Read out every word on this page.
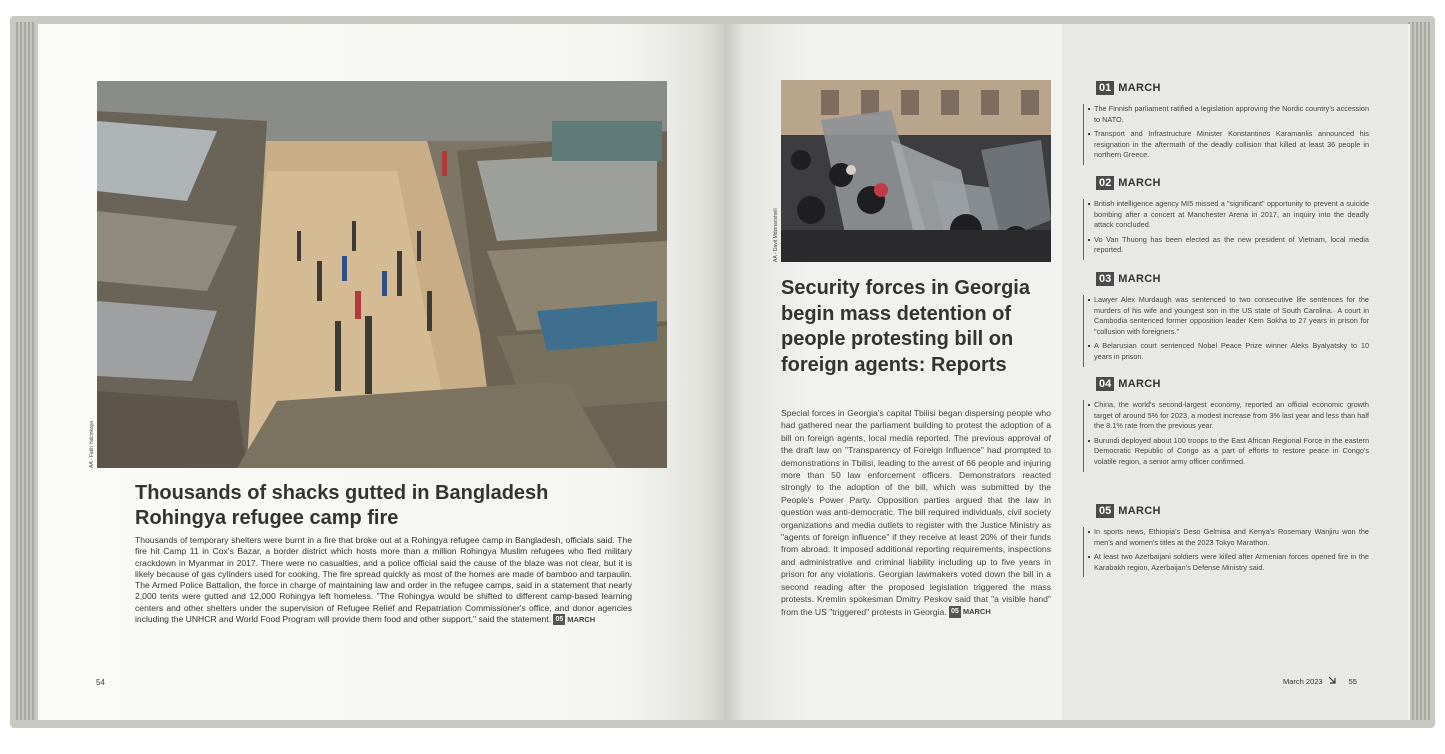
AA - Fatih Yalcinkaya
Thousands of shacks gutted in Bangladesh Rohingya refugee camp fire

Thousands of temporary shelters were burnt in a fire that broke out at a Rohingya refugee camp in Bangladesh, officials said. The fire hit Camp 11 in Cox's Bazar, a border district which hosts more than a million Rohingya Muslim refugees who fled military crackdown in Myanmar in 2017. There were no casualties, and a police official said the cause of the blaze was not clear, but it is likely because of gas cylinders used for cooking. The fire spread quickly as most of the homes are made of bamboo and tarpaulin. The Armed Police Battalion, the force in charge of maintaining law and order in the refugee camps, said in a statement that nearly 2,000 tents were gutted and 12,000 Rohingya left homeless. "The Rohingya would be shifted to different camp-based learning centers and other shelters under the supervision of Refugee Relief and Repatriation Commissioner's office, and donor agencies including the UNHCR and World Food Program will provide them food and other support," said the statement. 05 MARCH

54
AA - Davit Mdzinarishvili
Security forces in Georgia begin mass detention of people protesting bill on foreign agents: Reports

Special forces in Georgia's capital Tbilisi began dispersing people who had gathered near the parliament building to protest the adoption of a bill on foreign agents, local media reported. The previous approval of the draft law on "Transparency of Foreign Influence" had prompted to demonstrations in Tbilisi, leading to the arrest of 66 people and injuring more than 50 law enforcement officers. Demonstrators reacted strongly to the adoption of the bill, which was submitted by the People's Power Party. Opposition parties argued that the law in question was anti-democratic. The bill required individuals, civil society organizations and media outlets to register with the Justice Ministry as "agents of foreign influence" if they receive at least 20% of their funds from abroad. It imposed additional reporting requirements, inspections and administrative and criminal liability including up to five years in prison for any violations. Georgian lawmakers voted down the bill in a second reading after the proposed legislation triggered the mass protests. Kremlin spokesman Dmitry Peskov said that "a visible hand" from the US "triggered" protests in Georgia. 05 MARCH

01 MARCH
The Finnish parliament ratified a legislation approving the Nordic country's accession to NATO.
Transport and Infrastructure Minister Konstantinos Karamanlis announced his resignation in the aftermath of the deadly collision that killed at least 36 people in northern Greece.
02 MARCH
British intelligence agency MI5 missed a "significant" opportunity to prevent a suicide bombing after a concert at Manchester Arena in 2017, an inquiry into the deadly attack concluded.
Vo Van Thuong has been elected as the new president of Vietnam, local media reported.
03 MARCH
Lawyer Alex Murdaugh was sentenced to two consecutive life sentences for the murders of his wife and youngest son in the US state of South Carolina.· A court in Cambodia sentenced former opposition leader Kem Sokha to 27 years in prison for "collusion with foreigners."
A Belarusian court sentenced Nobel Peace Prize winner Aleks Byalyatsky to 10 years in prison.
04 MARCH
China, the world's second-largest economy, reported an official economic growth target of around 5% for 2023, a modest increase from 3% last year and less than half the 8.1% rate from the previous year.
Burundi deployed about 100 troops to the East African Regional Force in the eastern Democratic Republic of Congo as a part of efforts to restore peace in Congo's volatile region, a senior army officer confirmed.
05 MARCH
In sports news, Ethiopia's Deso Gelmisa and Kenya's Rosemary Wanjiru won the men's and women's titles at the 2023 Tokyo Marathon.
At least two Azerbaijani soldiers were killed after Armenian forces opened fire in the Karabakh region, Azerbaijan's Defense Ministry said.
March 2023	55
